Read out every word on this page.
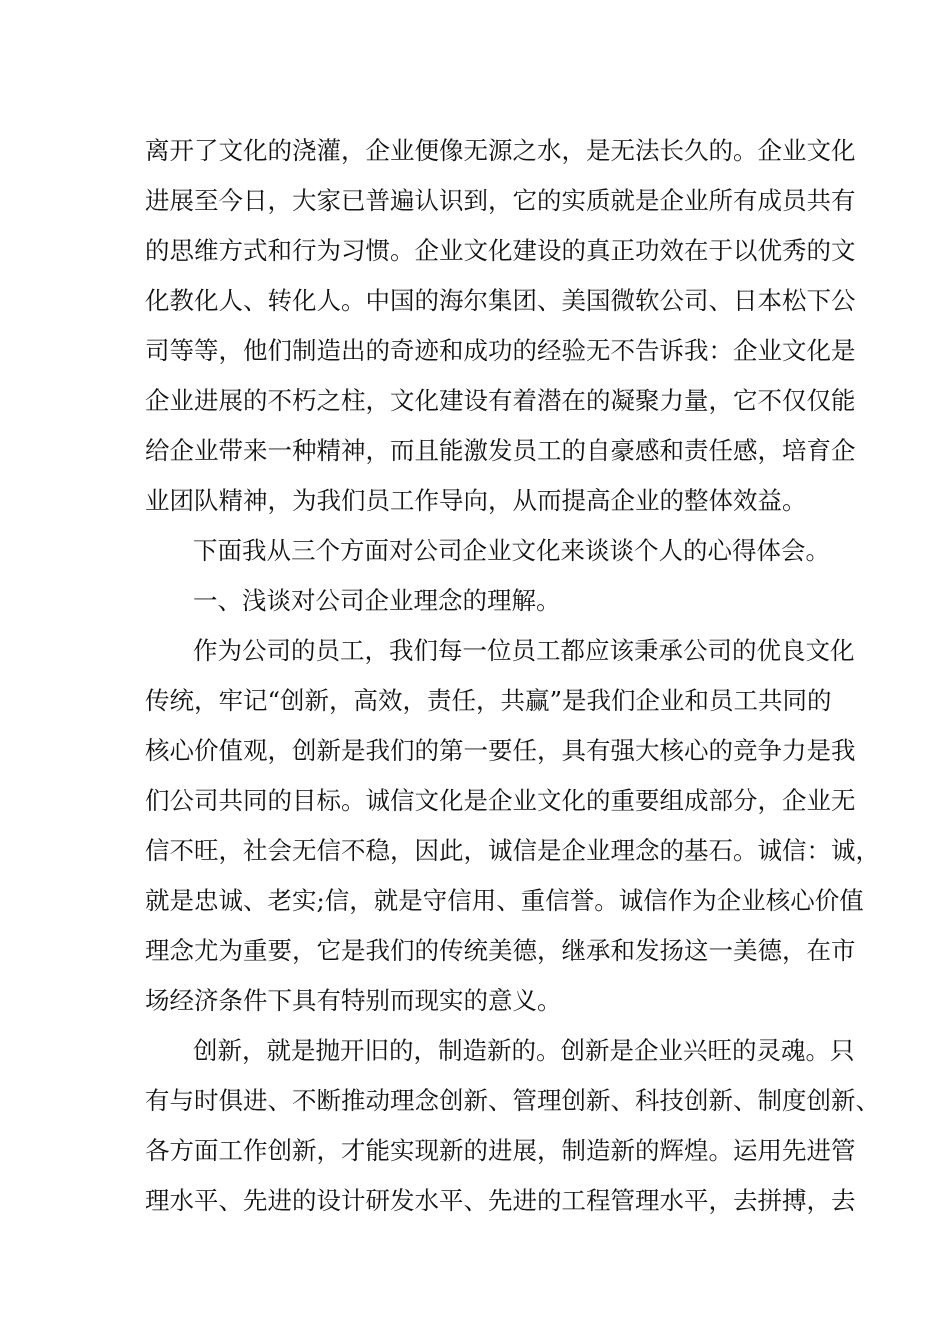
离开了文化的浇灌，企业便像无源之水，是无法长久的。企业文化
进展至今日，大家已普遍认识到，它的实质就是企业所有成员共有
的思维方式和行为习惯。企业文化建设的真正功效在于以优秀的文
化教化人、转化人。中国的海尔集团、美国微软公司、日本松下公
司等等，他们制造出的奇迹和成功的经验无不告诉我：企业文化是
企业进展的不朽之柱，文化建设有着潜在的凝聚力量，它不仅仅能
给企业带来一种精神，而且能激发员工的自豪感和责任感，培育企
业团队精神，为我们员工作导向，从而提高企业的整体效益。
下面我从三个方面对公司企业文化来谈谈个人的心得体会。
一、浅谈对公司企业理念的理解。
作为公司的员工，我们每一位员工都应该秉承公司的优良文化
传统，牢记“创新，高效，责任，共赢”是我们企业和员工共同的
核心价值观，创新是我们的第一要任，具有强大核心的竞争力是我
们公司共同的目标。诚信文化是企业文化的重要组成部分，企业无
信不旺，社会无信不稳，因此，诚信是企业理念的基石。诚信：诚，
就是忠诚、老实;信，就是守信用、重信誉。诚信作为企业核心价值
理念尤为重要，它是我们的传统美德，继承和发扬这一美德，在市
场经济条件下具有特别而现实的意义。
创新，就是抛开旧的，制造新的。创新是企业兴旺的灵魂。只
有与时俱进、不断推动理念创新、管理创新、科技创新、制度创新、
各方面工作创新，才能实现新的进展，制造新的辉煌。运用先进管
理水平、先进的设计研发水平、先进的工程管理水平，去拼搏，去
